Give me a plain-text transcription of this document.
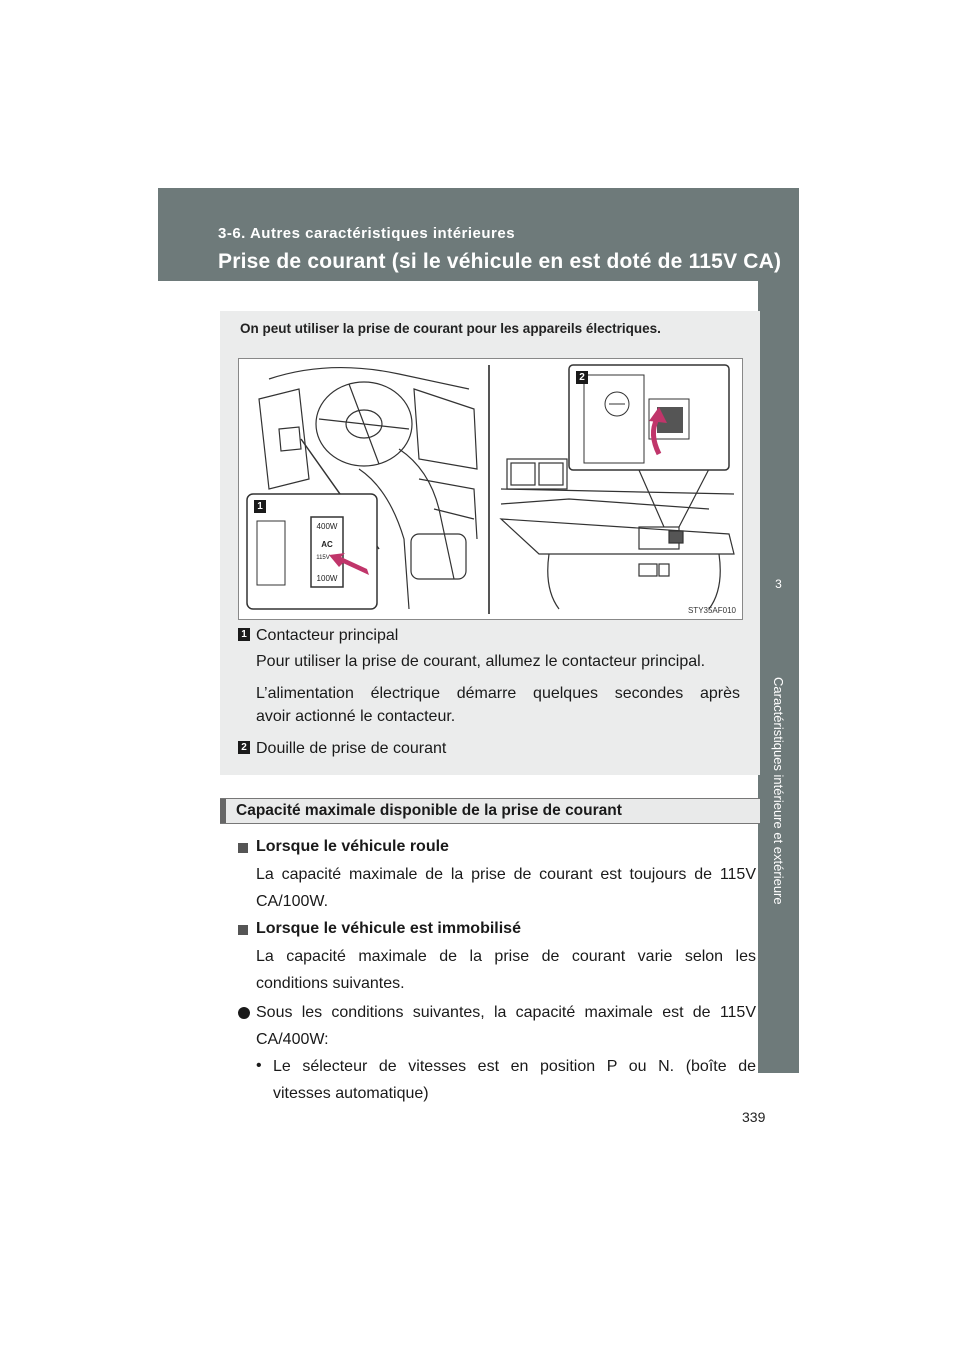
3-6. Autres caractéristiques intérieures
Prise de courant (si le véhicule en est doté de 115V CA)
3
Caractéristiques intérieure et extérieure
On peut utiliser la prise de courant pour les appareils électriques.
400W
AC
115V
100W
1
2
STY35AF010
1 Contacteur principal
Pour utiliser la prise de courant, allumez le contacteur principal.
L’alimentation électrique démarre quelques secondes après
avoir actionné le contacteur.
2 Douille de prise de courant
Capacité maximale disponible de la prise de courant
Lorsque le véhicule roule
La capacité maximale de la prise de courant est toujours de 115V
CA/100W.
Lorsque le véhicule est immobilisé
La capacité maximale de la prise de courant varie selon les
conditions suivantes.
Sous les conditions suivantes, la capacité maximale est de 115V
CA/400W:
• Le sélecteur de vitesses est en position P ou N. (boîte de
vitesses automatique)
339
